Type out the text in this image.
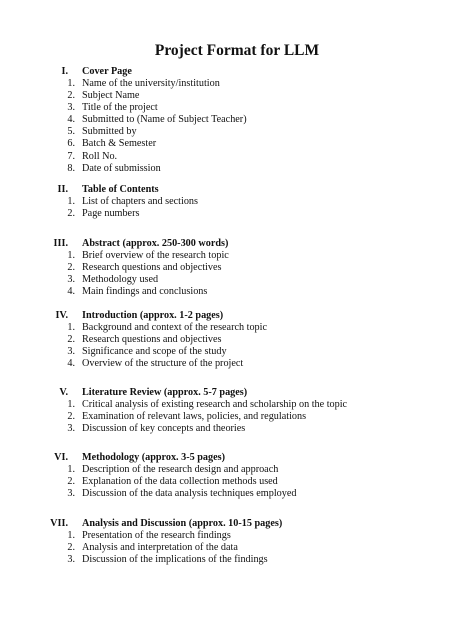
Project Format for LLM
I. Cover Page
1. Name of the university/institution
2. Subject Name
3. Title of the project
4. Submitted to (Name of Subject Teacher)
5. Submitted by
6. Batch & Semester
7. Roll No.
8. Date of submission
II. Table of Contents
1. List of chapters and sections
2. Page numbers
III. Abstract (approx. 250-300 words)
1. Brief overview of the research topic
2. Research questions and objectives
3. Methodology used
4. Main findings and conclusions
IV. Introduction (approx. 1-2 pages)
1. Background and context of the research topic
2. Research questions and objectives
3. Significance and scope of the study
4. Overview of the structure of the project
V. Literature Review (approx. 5-7 pages)
1. Critical analysis of existing research and scholarship on the topic
2. Examination of relevant laws, policies, and regulations
3. Discussion of key concepts and theories
VI. Methodology (approx. 3-5 pages)
1. Description of the research design and approach
2. Explanation of the data collection methods used
3. Discussion of the data analysis techniques employed
VII. Analysis and Discussion (approx. 10-15 pages)
1. Presentation of the research findings
2. Analysis and interpretation of the data
3. Discussion of the implications of the findings
